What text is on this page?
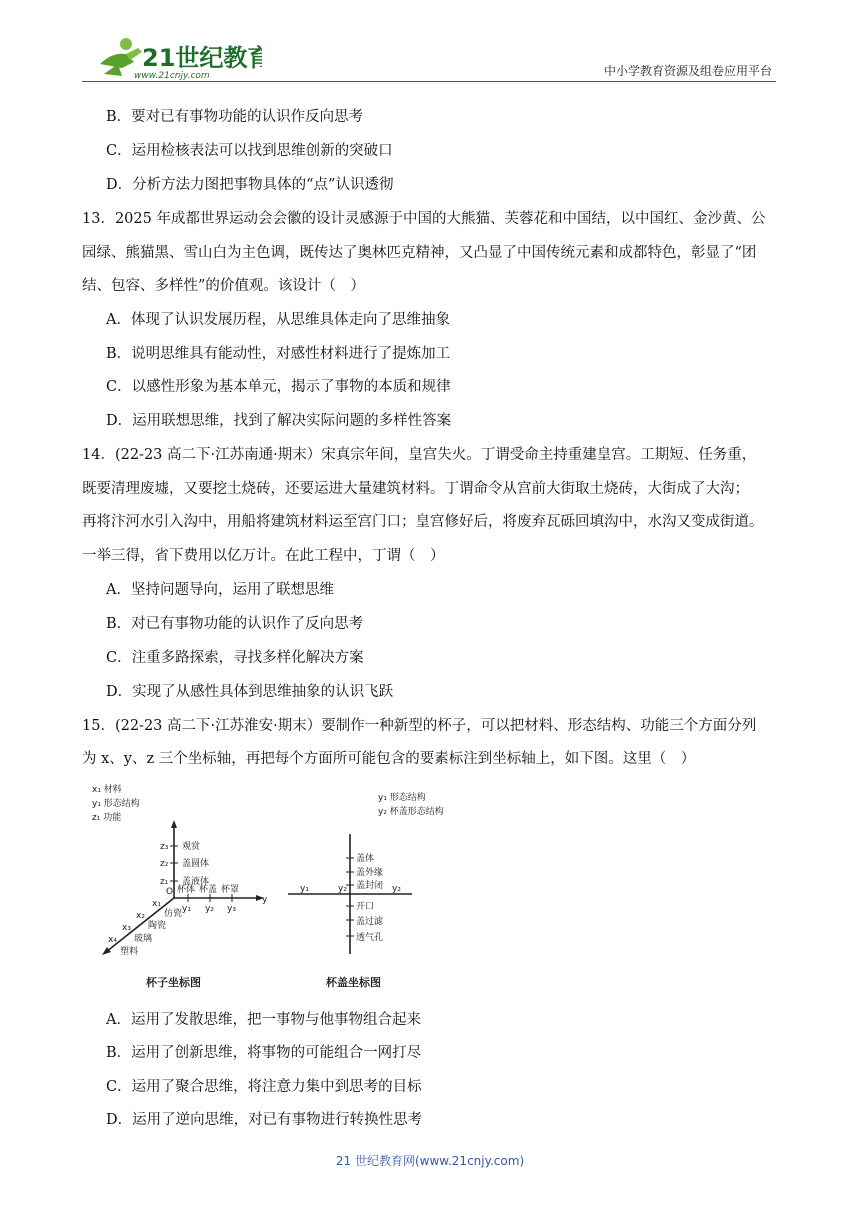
21世纪教育
www.21cnjy.com	中小学教育资源及组卷应用平台
B．要对已有事物功能的认识作反向思考
C．运用检核表法可以找到思维创新的突破口
D．分析方法力图把事物具体的“点”认识透彻
13．2025 年成都世界运动会会徽的设计灵感源于中国的大熊猫、芙蓉花和中国结，以中国红、金沙黄、公
园绿、熊猫黑、雪山白为主色调，既传达了奥林匹克精神，又凸显了中国传统元素和成都特色，彰显了“团
结、包容、多样性”的价值观。该设计（　）
A．体现了认识发展历程，从思维具体走向了思维抽象
B．说明思维具有能动性，对感性材料进行了提炼加工
C．以感性形象为基本单元，揭示了事物的本质和规律
D．运用联想思维，找到了解决实际问题的多样性答案
14．(22-23 高二下·江苏南通·期末）宋真宗年间，皇宫失火。丁谓受命主持重建皇宫。工期短、任务重，
既要清理废墟，又要挖土烧砖，还要运进大量建筑材料。丁谓命令从宫前大街取土烧砖，大街成了大沟；
再将汴河水引入沟中，用船将建筑材料运至宫门口；皇宫修好后，将废弃瓦砾回填沟中，水沟又变成街道。
一举三得，省下费用以亿万计。在此工程中，丁谓（　）
A．坚持问题导向，运用了联想思维
B．对已有事物功能的认识作了反向思考
C．注重多路探索，寻找多样化解决方案
D．实现了从感性具体到思维抽象的认识飞跃
15．(22-23 高二下·江苏淮安·期末）要制作一种新型的杯子，可以把材料、形态结构、功能三个方面分列
为 x、y、z 三个坐标轴，再把每个方面所可能包含的要素标注到坐标轴上，如下图。这里（　）
x₁ 材料
y₁ 形态结构
z₁ 功能
y
O
z₃
z₂
z₁
观赏
盖圆体
盖液体
杯体 杯盖 杯罩
y₁ y₂ y₃
x₁
x₂
x₃
x₄
仿瓷
陶瓷
玻璃
塑料
杯子坐标图
y₁ 形态结构
y₂ 杯盖形态结构
盖体
盖外缘
盖封闭
开口
盖过滤
透气孔
y₁	y₂	y₂
杯盖坐标图
A．运用了发散思维，把一事物与他事物组合起来
B．运用了创新思维，将事物的可能组合一网打尽
C．运用了聚合思维，将注意力集中到思考的目标
D．运用了逆向思维，对已有事物进行转换性思考
21 世纪教育网(www.21cnjy.com)
